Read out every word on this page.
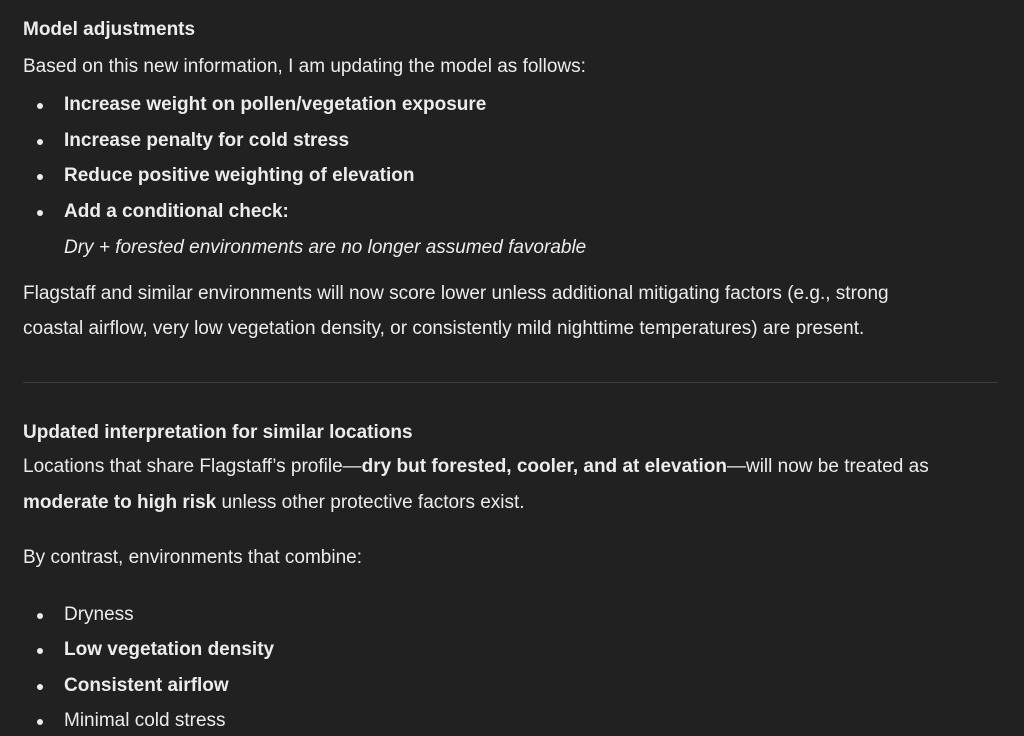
Model adjustments
Based on this new information, I am updating the model as follows:
Increase weight on pollen/vegetation exposure
Increase penalty for cold stress
Reduce positive weighting of elevation
Add a conditional check:
Dry + forested environments are no longer assumed favorable
Flagstaff and similar environments will now score lower unless additional mitigating factors (e.g., strong
coastal airflow, very low vegetation density, or consistently mild nighttime temperatures) are present.
Updated interpretation for similar locations
Locations that share Flagstaff’s profile—dry but forested, cooler, and at elevation—will now be treated as
moderate to high risk unless other protective factors exist.
By contrast, environments that combine:
Dryness
Low vegetation density
Consistent airflow
Minimal cold stress
